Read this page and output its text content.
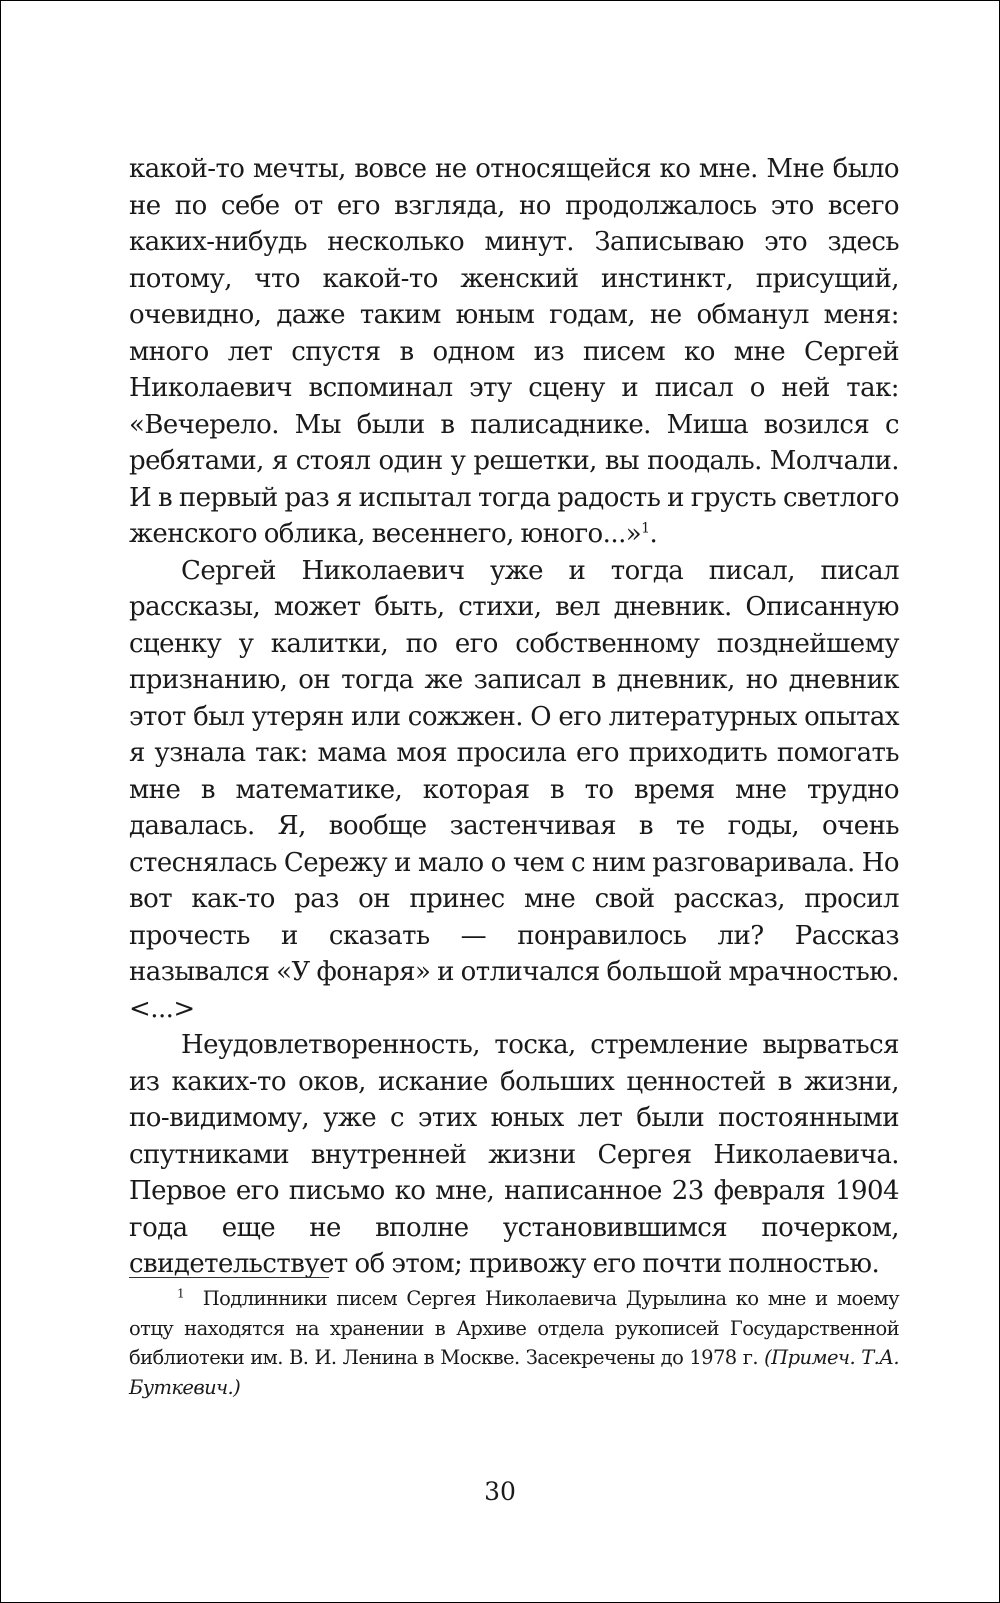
какой-то мечты, вовсе не относящейся ко мне. Мне было не по себе от его взгляда, но продолжалось это всего каких-нибудь несколько минут. Записываю это здесь потому, что какой-то женский инстинкт, присущий, очевидно, даже таким юным годам, не обманул меня: много лет спустя в одном из писем ко мне Сергей Николаевич вспоминал эту сцену и писал о ней так: «Вечерело. Мы были в палисаднике. Миша возился с ребятами, я стоял один у решетки, вы поодаль. Молчали. И в первый раз я испытал тогда радость и грусть светлого женского облика, весеннего, юного...»$^1$.

Сергей Николаевич уже и тогда писал, писал рассказы, может быть, стихи, вел дневник. Описанную сценку у калитки, по его собственному позднейшему признанию, он тогда же записал в дневник, но дневник этот был утерян или сожжен. О его литературных опытах я узнала так: мама моя просила его приходить помогать мне в математике, которая в то время мне трудно давалась. Я, вообще застенчивая в те годы, очень стеснялась Сережу и мало о чем с ним разговаривала. Но вот как-то раз он принес мне свой рассказ, просил прочесть и сказать — понравилось ли? Рассказ назывался «У фонаря» и отличался большой мрачностью. <...>

Неудовлетворенность, тоска, стремление вырваться из каких-то оков, искание больших ценностей в жизни, по-видимому, уже с этих юных лет были постоянными спутниками внутренней жизни Сергея Николаевича. Первое его письмо ко мне, написанное 23 февраля 1904 года еще не вполне установившимся почерком, свидетельствует об этом; привожу его почти полностью.

$^1$ Подлинники писем Сергея Николаевича Дурылина ко мне и моему отцу находятся на хранении в Архиве отдела рукописей Государственной библиотеки им. В. И. Ленина в Москве. Засекречены до 1978 г. (Примеч. Т.А. Буткевич.)

30
